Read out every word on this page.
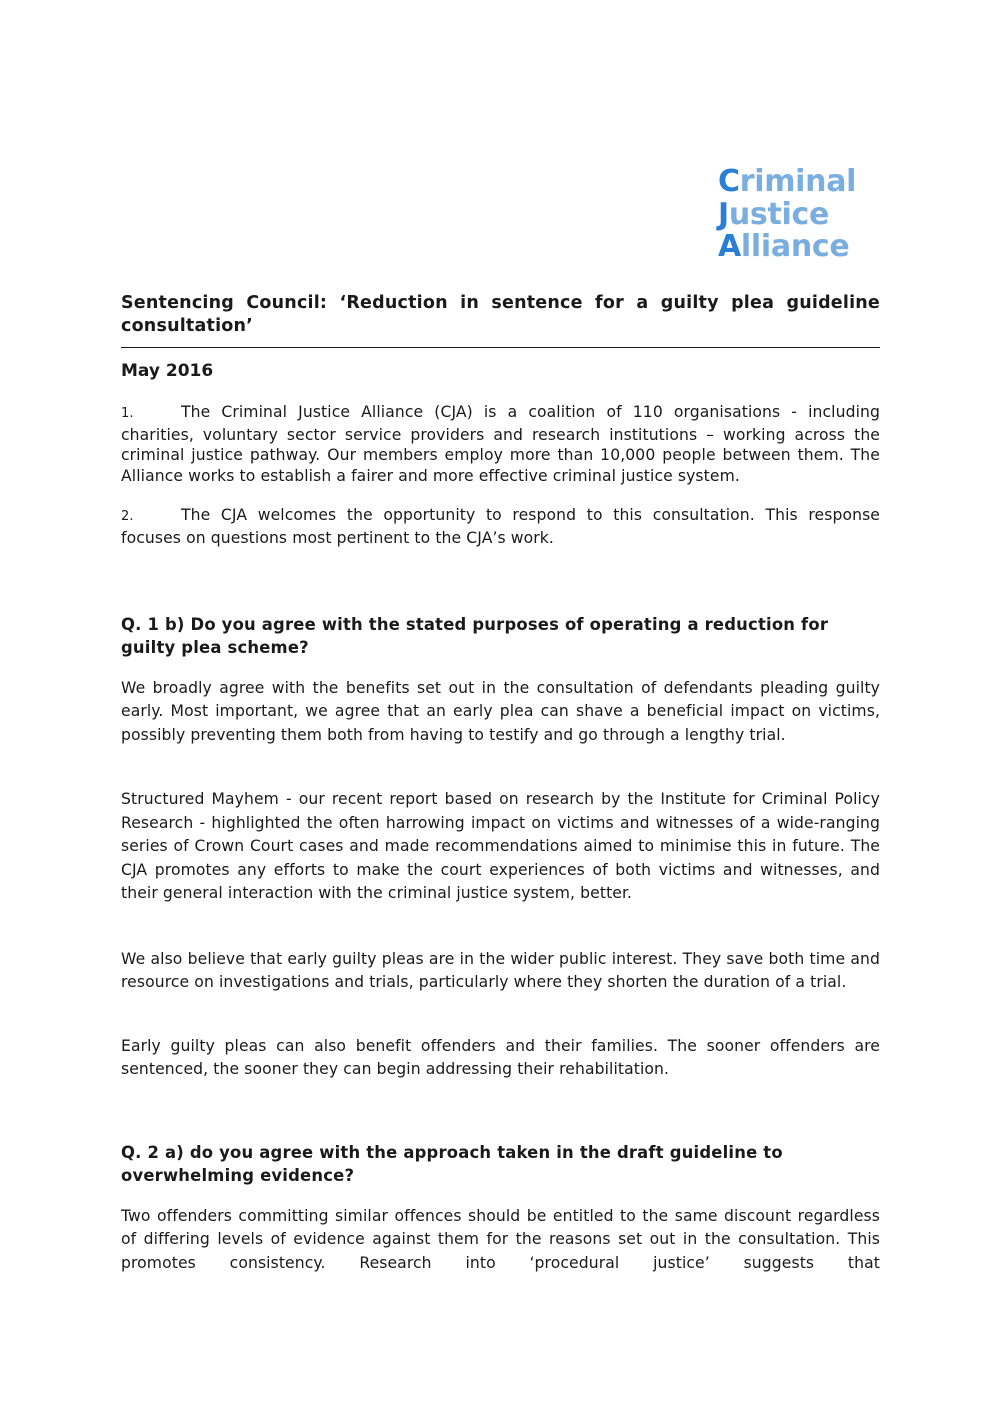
Criminal
Justice
Alliance
Sentencing Council: ‘Reduction in sentence for a guilty plea guideline consultation’
May 2016
1.	The Criminal Justice Alliance (CJA) is a coalition of 110 organisations - including charities, voluntary sector service providers and research institutions – working across the criminal justice pathway. Our members employ more than 10,000 people between them. The Alliance works to establish a fairer and more effective criminal justice system.
2.	The CJA welcomes the opportunity to respond to this consultation. This response focuses on questions most pertinent to the CJA’s work.
Q. 1 b) Do you agree with the stated purposes of operating a reduction for guilty plea scheme?
We broadly agree with the benefits set out in the consultation of defendants pleading guilty early. Most important, we agree that an early plea can shave a beneficial impact on victims, possibly preventing them both from having to testify and go through a lengthy trial.
Structured Mayhem - our recent report based on research by the Institute for Criminal Policy Research - highlighted the often harrowing impact on victims and witnesses of a wide-ranging series of Crown Court cases and made recommendations aimed to minimise this in future. The CJA promotes any efforts to make the court experiences of both victims and witnesses, and their general interaction with the criminal justice system, better.
We also believe that early guilty pleas are in the wider public interest. They save both time and resource on investigations and trials, particularly where they shorten the duration of a trial.
Early guilty pleas can also benefit offenders and their families. The sooner offenders are sentenced, the sooner they can begin addressing their rehabilitation.
Q. 2 a) do you agree with the approach taken in the draft guideline to overwhelming evidence?
Two offenders committing similar offences should be entitled to the same discount regardless of differing levels of evidence against them for the reasons set out in the consultation. This promotes consistency. Research into ‘procedural justice’ suggests that
